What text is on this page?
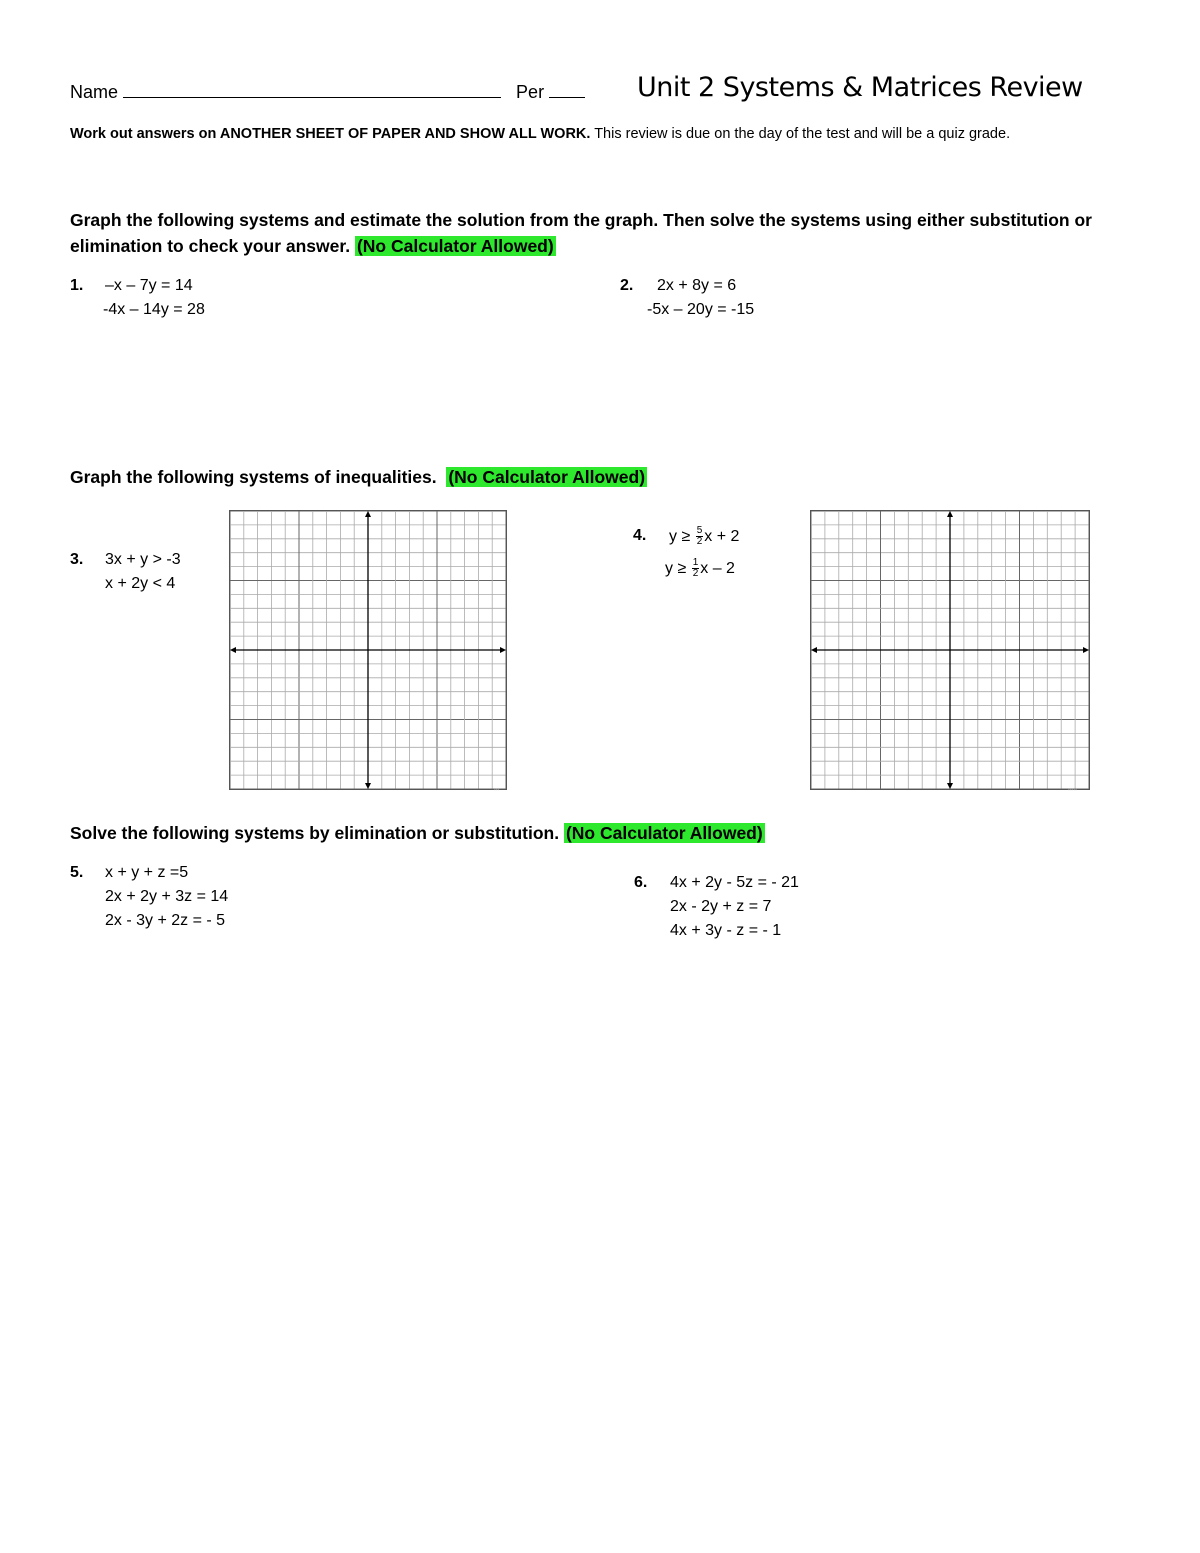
Name	Per	Unit 2 Systems & Matrices Review
Work out answers on ANOTHER SHEET OF PAPER AND SHOW ALL WORK. This review is due on the day of the test and will be a quiz grade.
Graph the following systems and estimate the solution from the graph. Then solve the systems using either substitution or
elimination to check your answer. (No Calculator Allowed)
1. –x – 7y = 14
-4x – 14y = 28
2.	2x + 8y = 6
-5x – 20y = -15
Graph the following systems of inequalities. (No Calculator Allowed)
3. 3x + y > -3
x + 2y < 4
4. $y \ge \frac{5}{2}$ x + 2
$y \ge \frac{1}{2}$ x – 2
▪▪▪	▪▪▪▪▪
Solve the following systems by elimination or substitution. (No Calculator Allowed)
5. x + y + z =5
2x + 2y + 3z = 14
2x - 3y + 2z = - 5
6. 4x + 2y - 5z = - 21
2x - 2y + z = 7
4x + 3y - z = - 1
